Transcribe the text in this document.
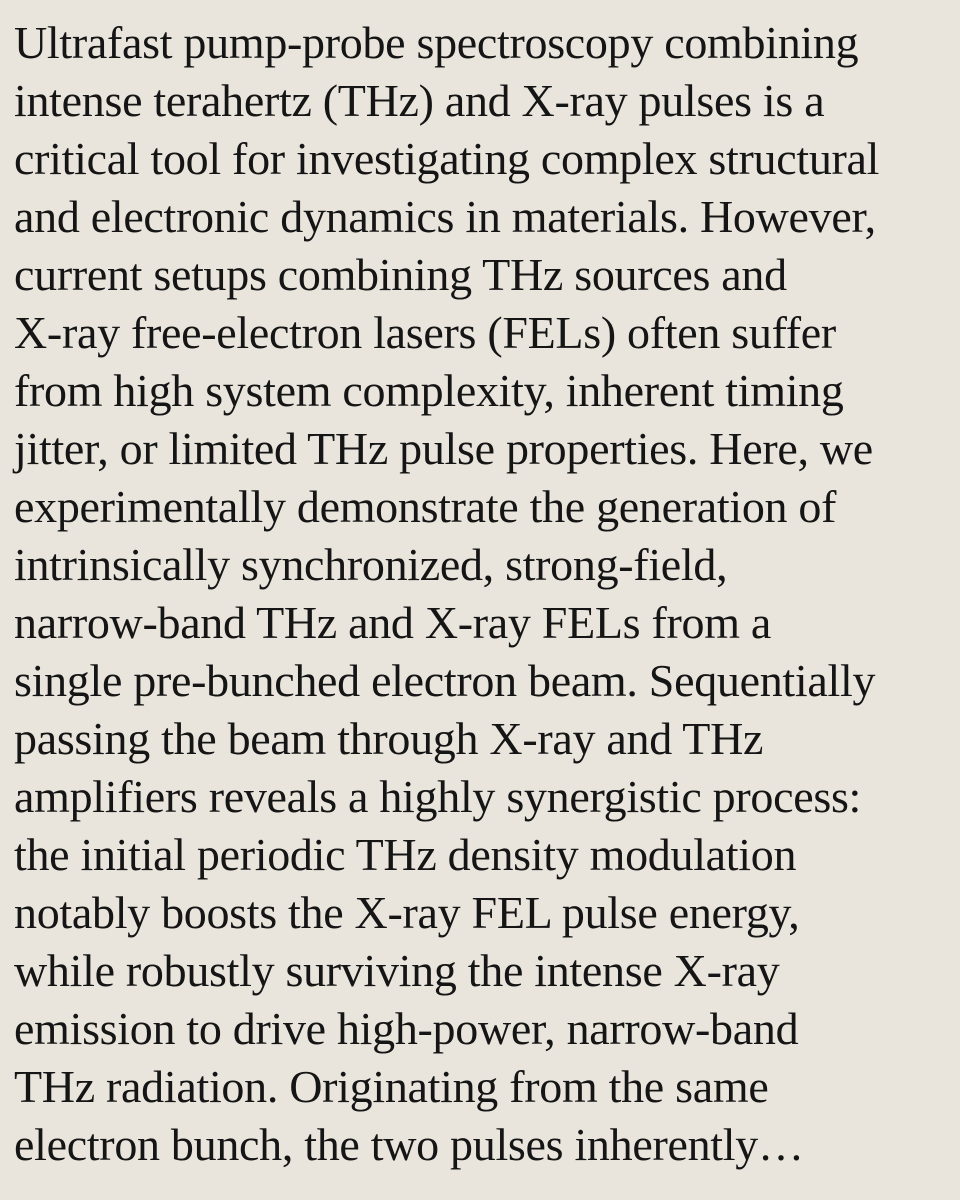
Ultrafast pump-probe spectroscopy combining
intense terahertz (THz) and X-ray pulses is a
critical tool for investigating complex structural
and electronic dynamics in materials. However,
current setups combining THz sources and
X-ray free-electron lasers (FELs) often suffer
from high system complexity, inherent timing
jitter, or limited THz pulse properties. Here, we
experimentally demonstrate the generation of
intrinsically synchronized, strong-field,
narrow-band THz and X-ray FELs from a
single pre-bunched electron beam. Sequentially
passing the beam through X-ray and THz
amplifiers reveals a highly synergistic process:
the initial periodic THz density modulation
notably boosts the X-ray FEL pulse energy,
while robustly surviving the intense X-ray
emission to drive high-power, narrow-band
THz radiation. Originating from the same
electron bunch, the two pulses inherently…
